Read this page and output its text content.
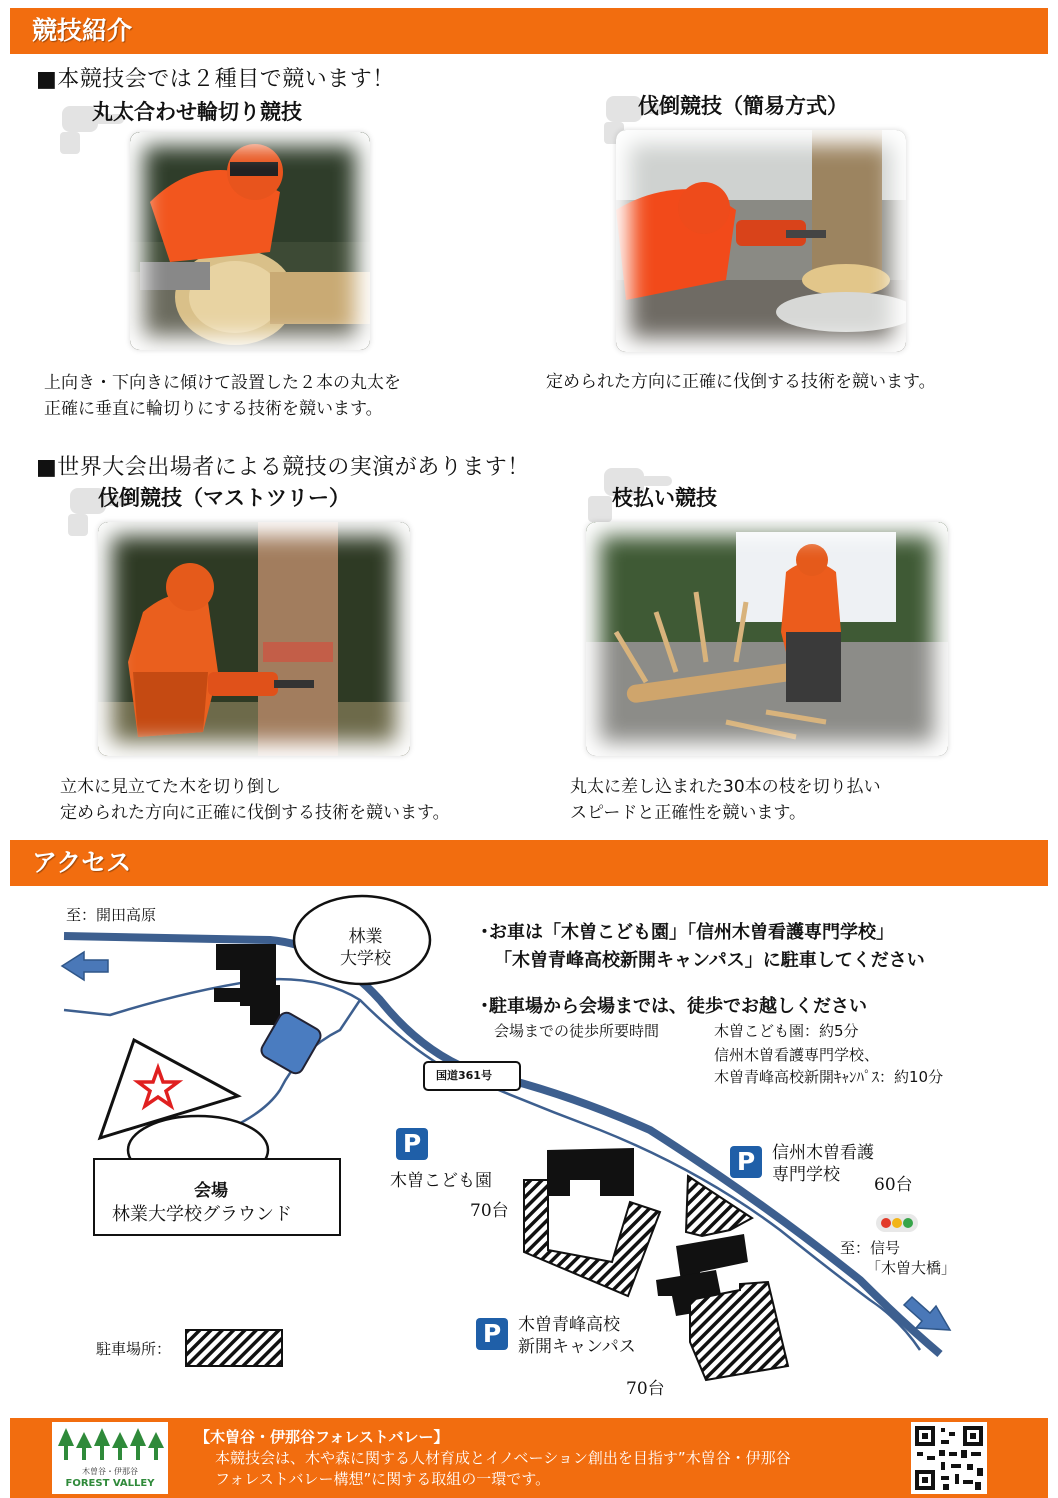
競技紹介
■本競技会では２種目で競います！
丸太合わせ輪切り競技	伐倒競技（簡易方式）
上向き・下向きに傾けて設置した２本の丸太を
正確に垂直に輪切りにする技術を競います。
定められた方向に正確に伐倒する技術を競います。
■世界大会出場者による競技の実演があります！
伐倒競技（マストツリー）	枝払い競技
立木に見立てた木を切り倒し
定められた方向に正確に伐倒する技術を競います。
丸太に差し込まれた30本の枝を切り払い
スピードと正確性を競います。
アクセス
P
P
P
至：開田高原
林業
大学校
国道361号
会場
林業大学校グラウンド
木曽こども園
70台
信州木曽看護
専門学校	60台
至：信号
「木曽大橋」
木曽青峰高校
新開キャンパス
70台
駐車場所：
･お車は「木曽こども園」「信州木曽看護専門学校」
「木曽青峰高校新開キャンパス」に駐車してください
･駐車場から会場までは、徒歩でお越しください
会場までの徒歩所要時間	木曽こども園：約5分
信州木曽看護専門学校、
木曽青峰高校新開ｷｬﾝﾊﾟｽ：約10分
木曽谷・伊那谷
FOREST VALLEY
【木曽谷・伊那谷フォレストバレー】
本競技会は、木や森に関する人材育成とイノベーション創出を目指す”木曽谷・伊那谷
フォレストバレー構想”に関する取組の一環です。
